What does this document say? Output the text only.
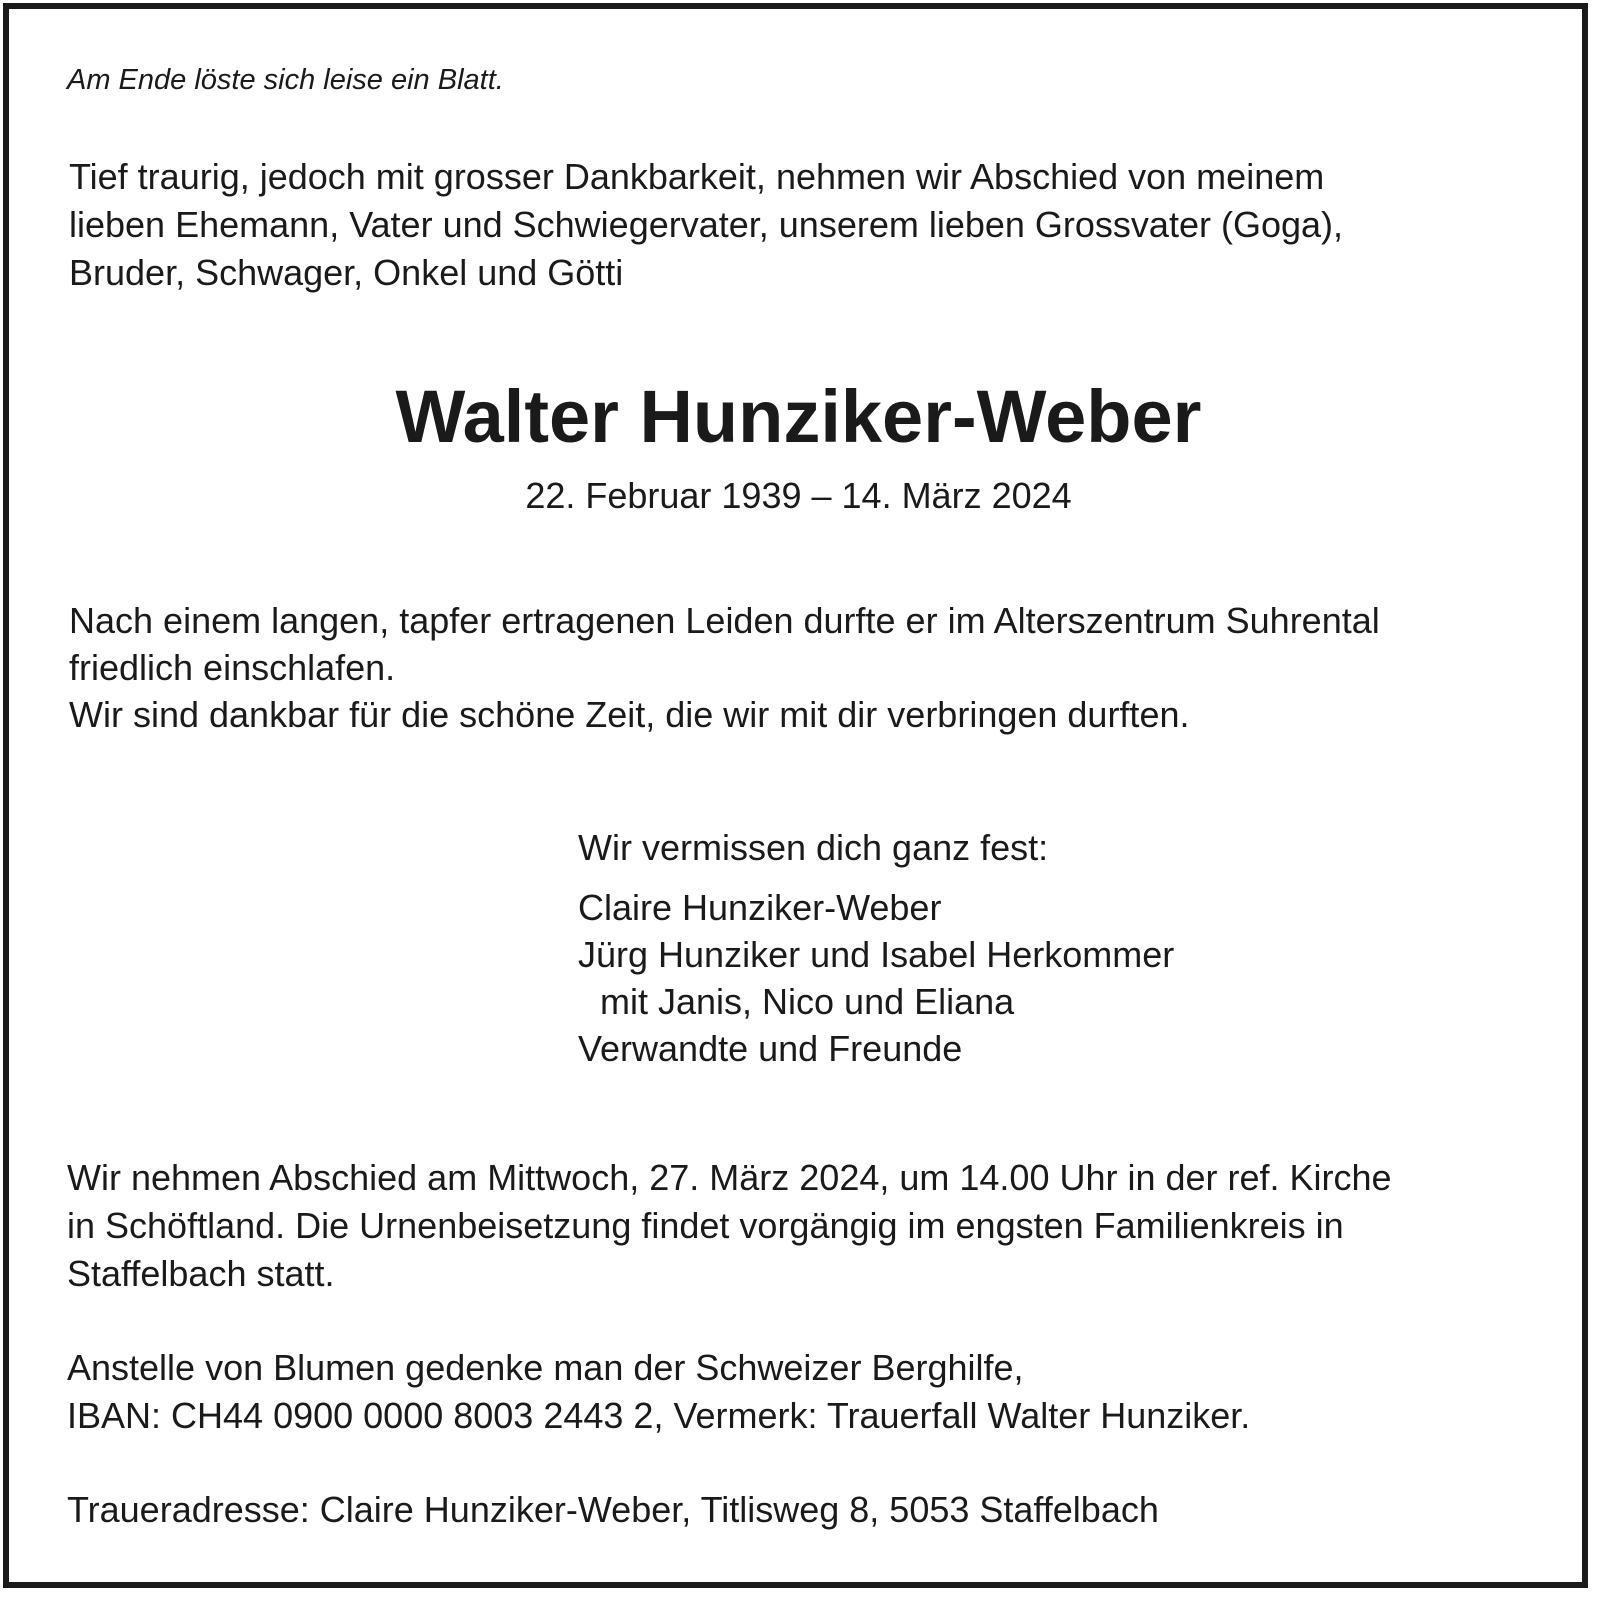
Am Ende löste sich leise ein Blatt.
Tief traurig, jedoch mit grosser Dankbarkeit, nehmen wir Abschied von meinem
lieben Ehemann, Vater und Schwiegervater, unserem lieben Grossvater (Goga),
Bruder, Schwager, Onkel und Götti
Walter Hunziker-Weber
22. Februar 1939 – 14. März 2024
Nach einem langen, tapfer ertragenen Leiden durfte er im Alterszentrum Suhrental
friedlich einschlafen.
Wir sind dankbar für die schöne Zeit, die wir mit dir verbringen durften.
Wir vermissen dich ganz fest:
Claire Hunziker-Weber
Jürg Hunziker und Isabel Herkommer
mit Janis, Nico und Eliana
Verwandte und Freunde
Wir nehmen Abschied am Mittwoch, 27. März 2024, um 14.00 Uhr in der ref. Kirche
in Schöftland. Die Urnenbeisetzung findet vorgängig im engsten Familienkreis in
Staffelbach statt.
Anstelle von Blumen gedenke man der Schweizer Berghilfe,
IBAN: CH44 0900 0000 8003 2443 2, Vermerk: Trauerfall Walter Hunziker.
Traueradresse: Claire Hunziker-Weber, Titlisweg 8, 5053 Staffelbach
